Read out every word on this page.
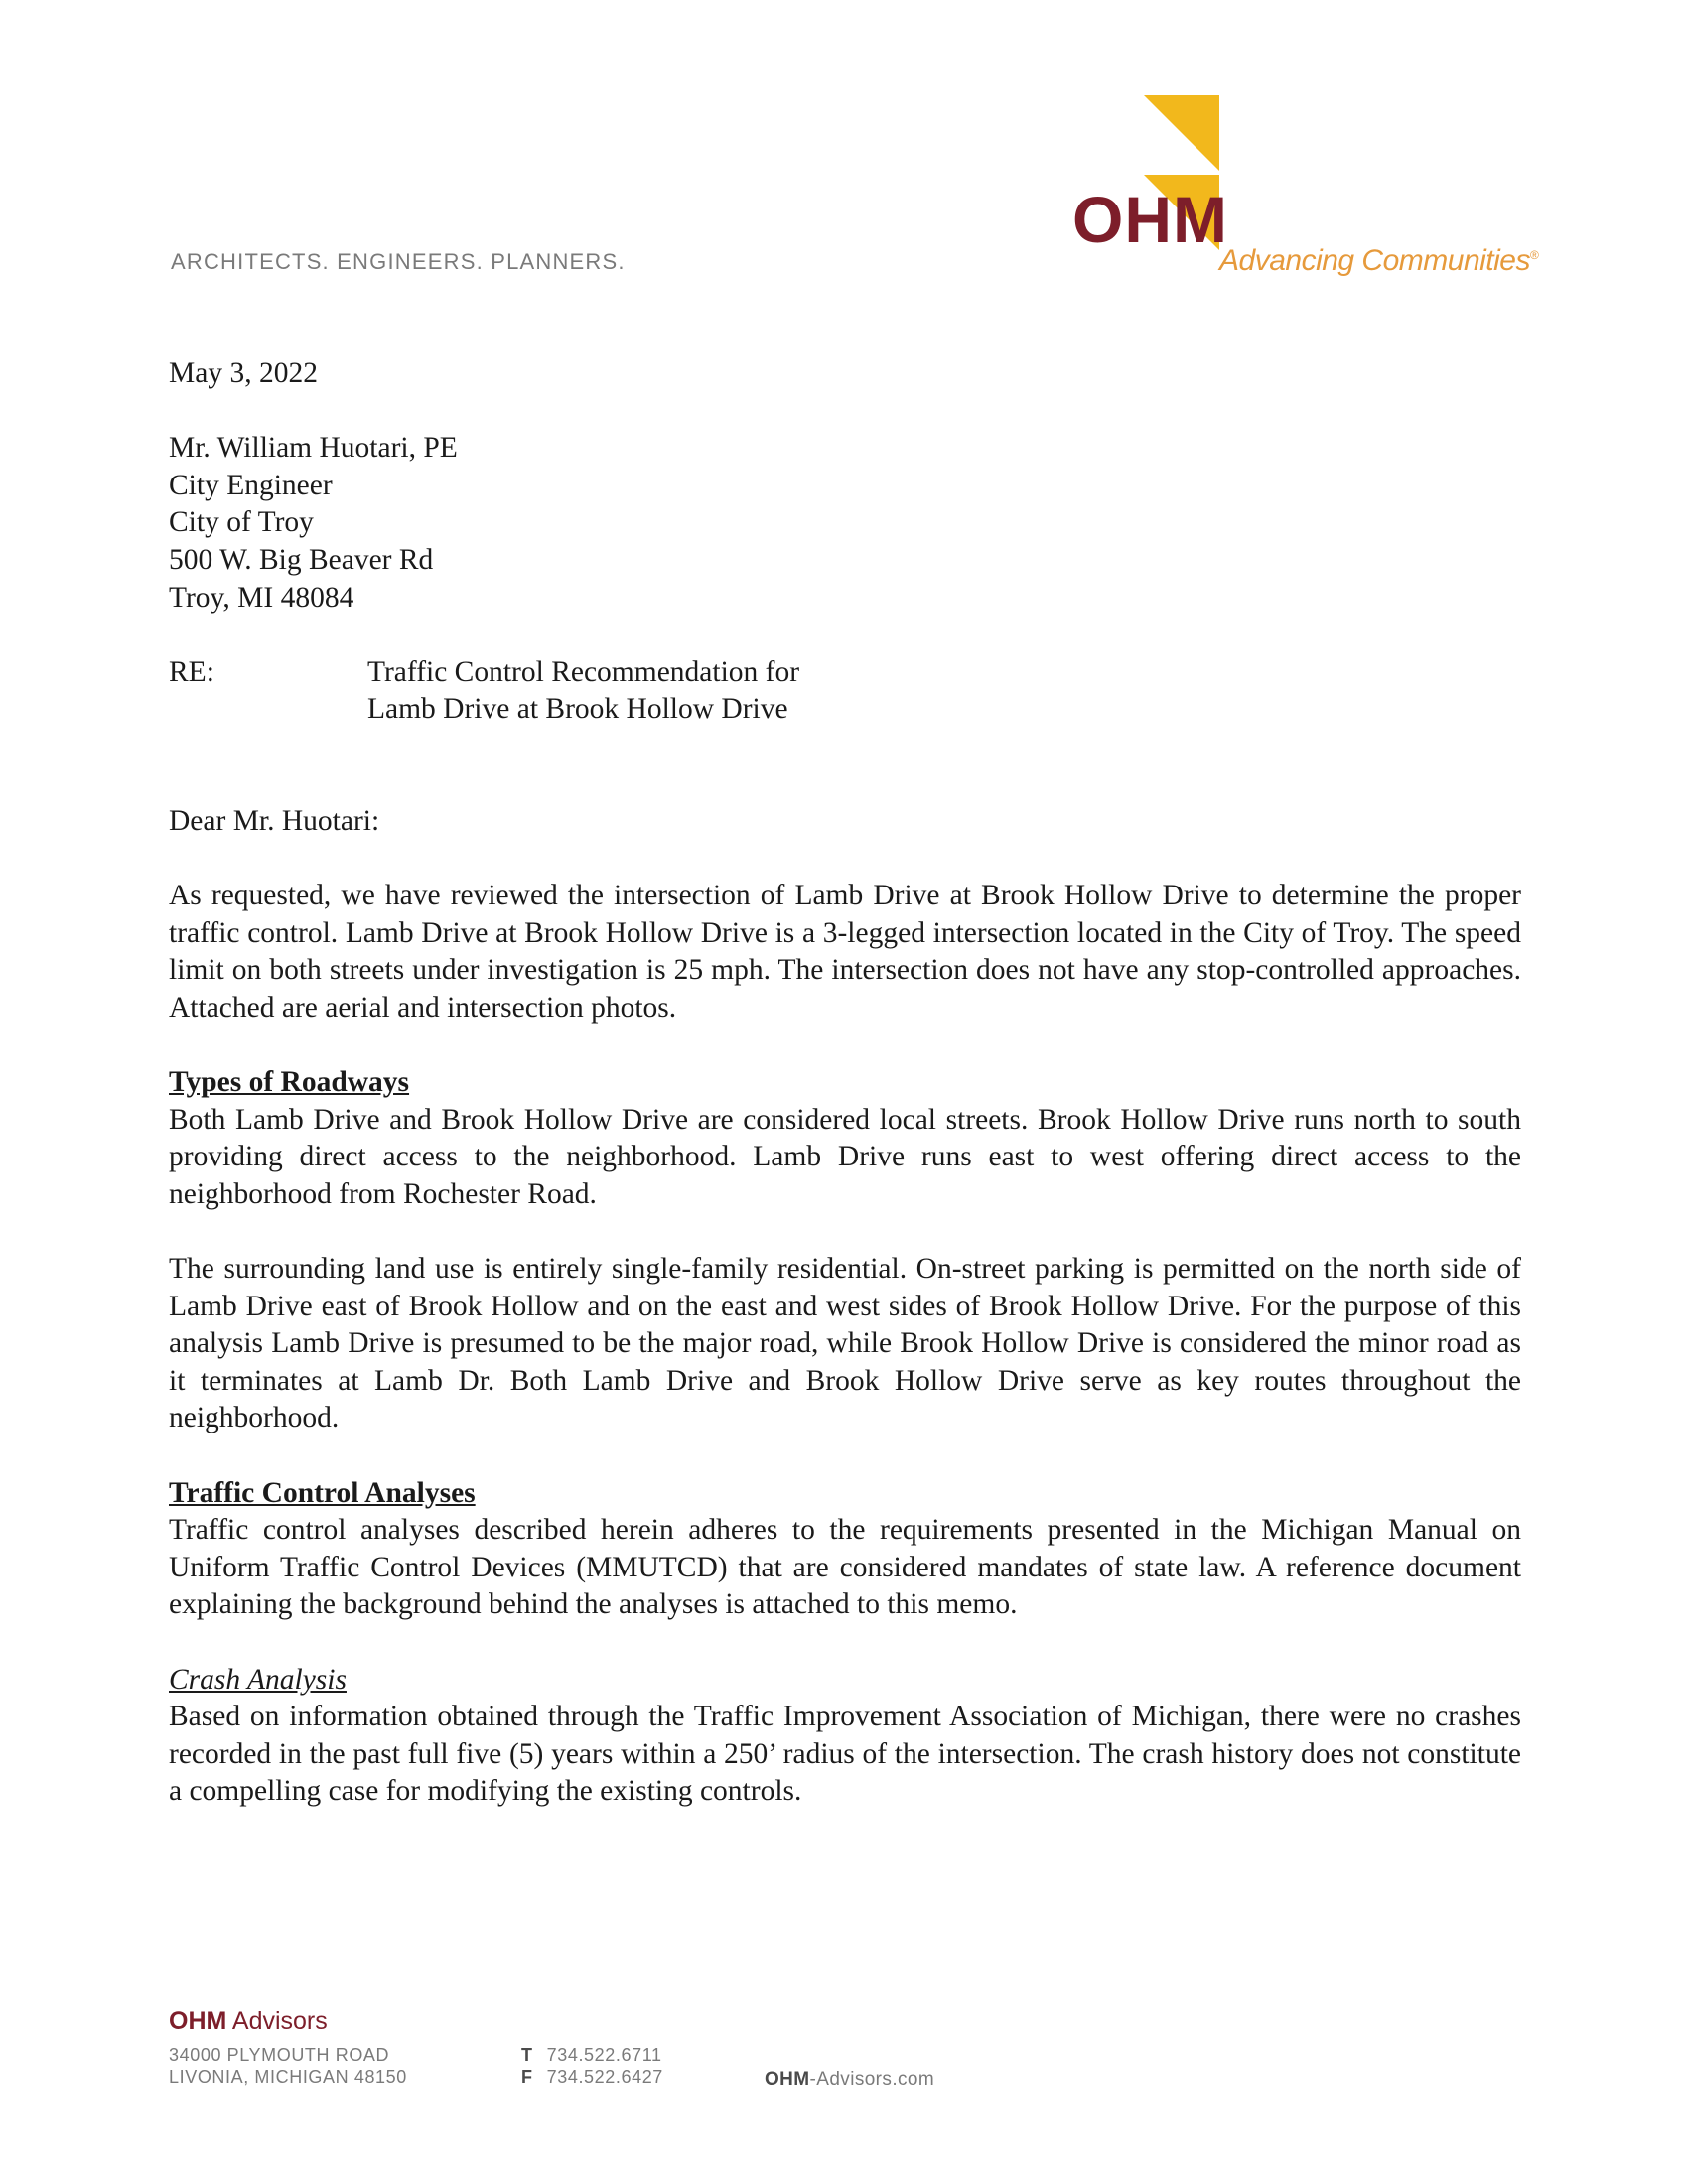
ARCHITECTS. ENGINEERS. PLANNERS.
OHM
Advancing Communities®

May 3, 2022

Mr. William Huotari, PE

City Engineer

City of Troy

500 W. Big Beaver Rd

Troy, MI 48084

RE:	Traffic Control Recommendation for

Lamb Drive at Brook Hollow Drive

Dear Mr. Huotari:

As requested, we have reviewed the intersection of Lamb Drive at Brook Hollow Drive to determine the proper traffic control. Lamb Drive at Brook Hollow Drive is a 3-legged intersection located in the City of Troy. The speed limit on both streets under investigation is 25 mph. The intersection does not have any stop-controlled approaches. Attached are aerial and intersection photos.

Types of Roadways

Both Lamb Drive and Brook Hollow Drive are considered local streets. Brook Hollow Drive runs north to south providing direct access to the neighborhood. Lamb Drive runs east to west offering direct access to the neighborhood from Rochester Road.

The surrounding land use is entirely single-family residential. On-street parking is permitted on the north side of Lamb Drive east of Brook Hollow and on the east and west sides of Brook Hollow Drive. For the purpose of this analysis Lamb Drive is presumed to be the major road, while Brook Hollow Drive is considered the minor road as it terminates at Lamb Dr. Both Lamb Drive and Brook Hollow Drive serve as key routes throughout the neighborhood.

Traffic Control Analyses

Traffic control analyses described herein adheres to the requirements presented in the Michigan Manual on Uniform Traffic Control Devices (MMUTCD) that are considered mandates of state law. A reference document explaining the background behind the analyses is attached to this memo.

Crash Analysis

Based on information obtained through the Traffic Improvement Association of Michigan, there were no crashes recorded in the past full five (5) years within a 250’ radius of the intersection. The crash history does not constitute a compelling case for modifying the existing controls.

OHM Advisors
34000 PLYMOUTH ROAD
LIVONIA, MICHIGAN 48150
T 734.522.6711
F 734.522.6427	OHM-Advisors.com
